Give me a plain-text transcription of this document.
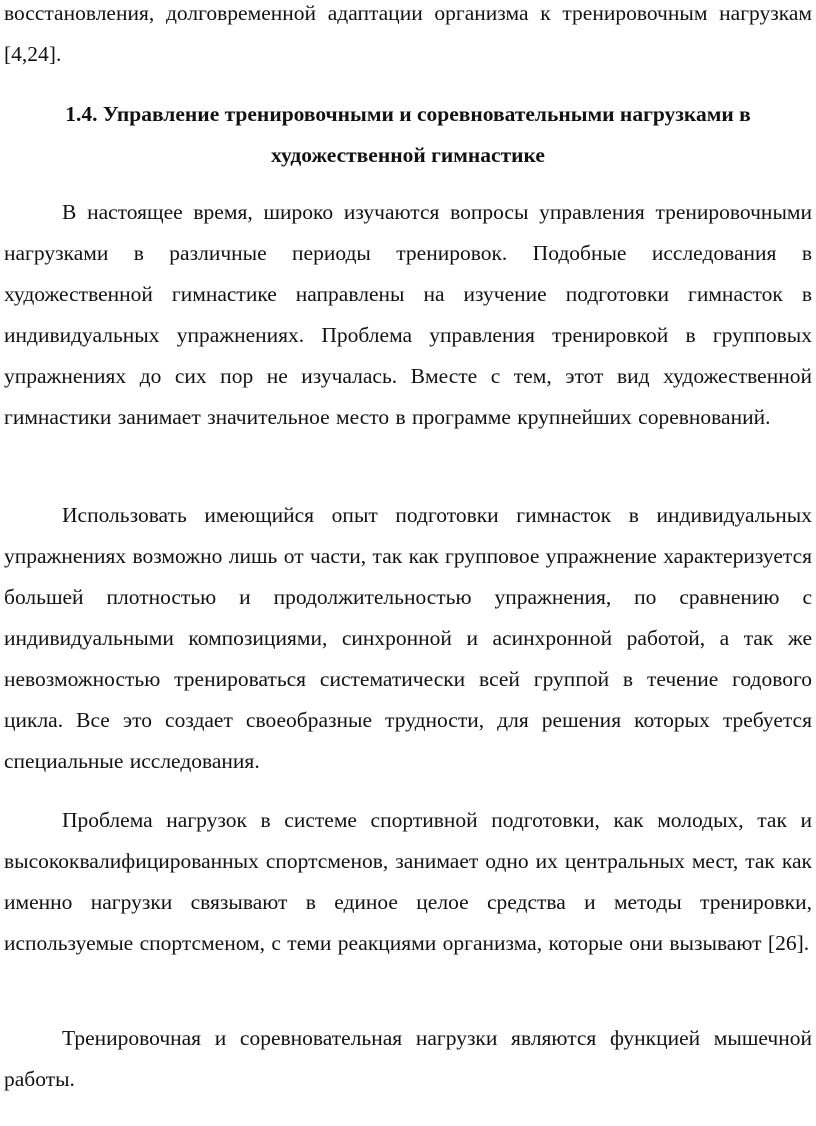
восстановления, долговременной адаптации организма к тренировочным нагрузкам [4,24].

1.4. Управление тренировочными и соревновательными нагрузками в художественной гимнастике

В настоящее время, широко изучаются вопросы управления тренировочными нагрузками в различные периоды тренировок. Подобные исследования в художественной гимнастике направлены на изучение подготовки гимнасток в индивидуальных упражнениях. Проблема управления тренировкой в групповых упражнениях до сих пор не изучалась. Вместе с тем, этот вид художественной гимнастики занимает значительное место в программе крупнейших соревнований.

Использовать имеющийся опыт подготовки гимнасток в индивидуальных упражнениях возможно лишь от части, так как групповое упражнение характеризуется большей плотностью и продолжительностью упражнения, по сравнению с индивидуальными композициями, синхронной и асинхронной работой, а так же невозможностью тренироваться систематически всей группой в течение годового цикла. Все это создает своеобразные трудности, для решения которых требуется специальные исследования.

Проблема нагрузок в системе спортивной подготовки, как молодых, так и высококвалифицированных спортсменов, занимает одно их центральных мест, так как именно нагрузки связывают в единое целое средства и методы тренировки, используемые спортсменом, с теми реакциями организма, которые они вызывают [26].

Тренировочная и соревновательная нагрузки являются функцией мышечной работы.
